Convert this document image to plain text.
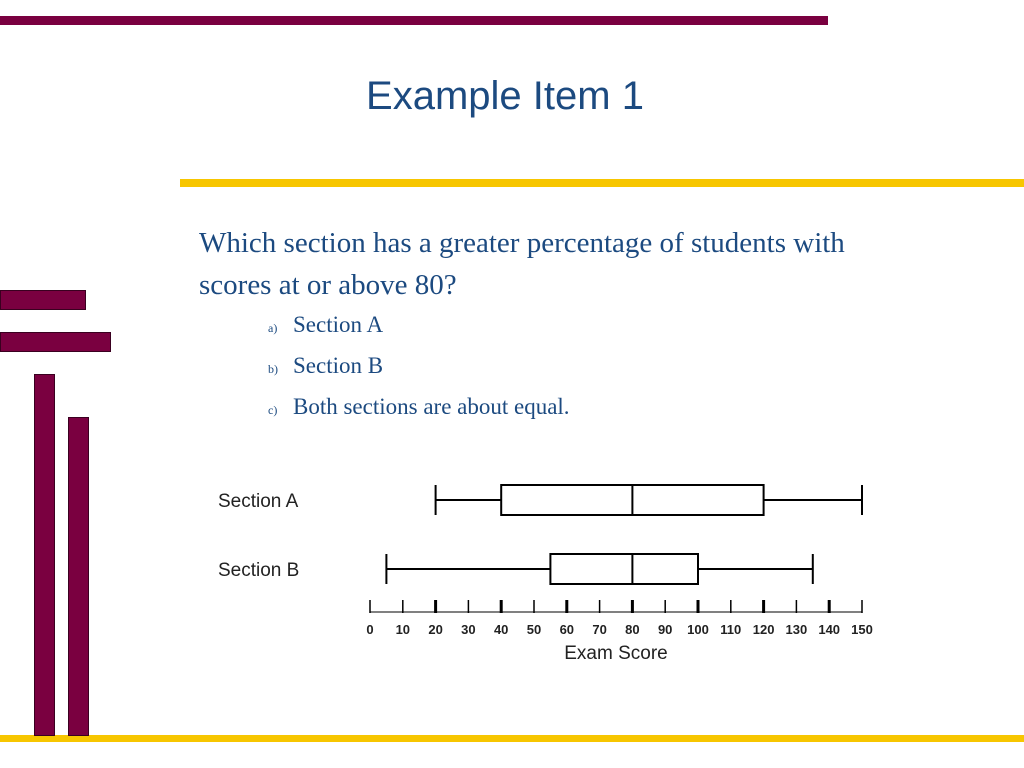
Example Item 1
Which section has a greater percentage of students with scores at or above 80?
a) Section A
b) Section B
c) Both sections are about equal.
Section A
Section B
0 10 20 30 40 50 60 70 80 90 100 110 120 130 140 150
Exam Score
